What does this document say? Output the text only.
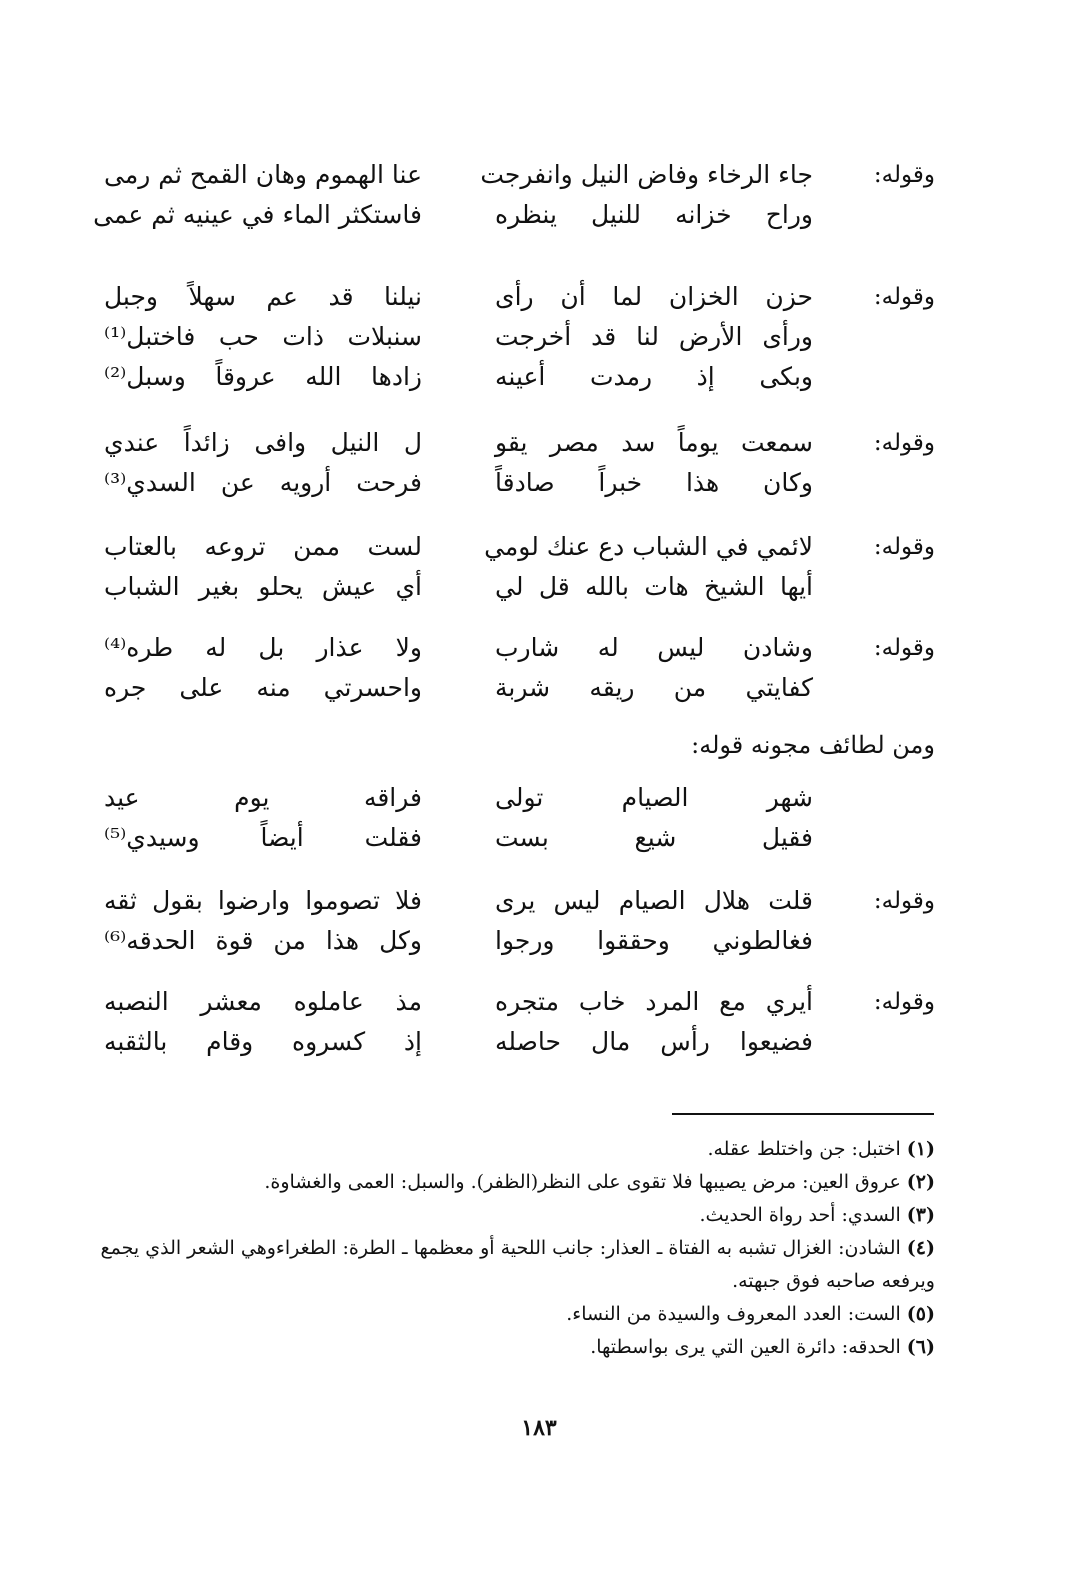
وقوله:
جاء الرخاء وفاض النيل وانفرجت
عنا الهموم وهان القمح ثم رمى
وراح خزانه للنيل ينظره
فاستكثر الماء في عينيه ثم عمى
وقوله:
حزن الخزان لما أن رأى
نيلنا قد عم سهلاً وجبل
ورأى الأرض لنا قد أخرجت
سنبلات ذات حب فاختبل⁽¹⁾
وبكى إذ رمدت أعينه
زادها الله عروقاً وسبل⁽²⁾
وقوله:
سمعت يوماً سد مصر يقو
ل النيل وافى زائداً عندي
وكان هذا خبراً صادقاً
فرحت أرويه عن السدي⁽³⁾
وقوله:
لائمي في الشباب دع عنك لومي
لست ممن تروعه بالعتاب
أيها الشيخ هات بالله قل لي
أي عيش يحلو بغير الشباب
وقوله:
وشادن ليس له شارب
ولا عذار بل له طره⁽⁴⁾
كفايتي من ريقه شربة
واحسرتي منه على جره
ومن لطائف مجونه قوله:
شهر الصيام تولى
فراقه يوم عيد
فقيل شيع بست
فقلت أيضاً وسيدي⁽⁵⁾
وقوله:
قلت هلال الصيام ليس يرى
فلا تصوموا وارضوا بقول ثقه
فغالطوني وحققوا ورجوا
وكل هذا من قوة الحدقه⁽⁶⁾
وقوله:
أيري مع المرد خاب متجره
مذ عاملوه معشر النصبه
فضيعوا رأس مال حاصله
إذ كسروه وقام بالثقبه
(١)اختبل: جن واختلط عقله.
(٢)عروق العين: مرض يصيبها فلا تقوى على النظر(الظفر). والسبل: العمى والغشاوة.
(٣)السدي: أحد رواة الحديث.
(٤)الشادن: الغزال تشبه به الفتاة ـ العذار: جانب اللحية أو معظمها ـ الطرة: الطغراءوهي الشعر الذي يجمع ويرفعه صاحبه فوق جبهته.
(٥)الست: العدد المعروف والسيدة من النساء.
(٦)الحدقه: دائرة العين التي يرى بواسطتها.
١٨٣
